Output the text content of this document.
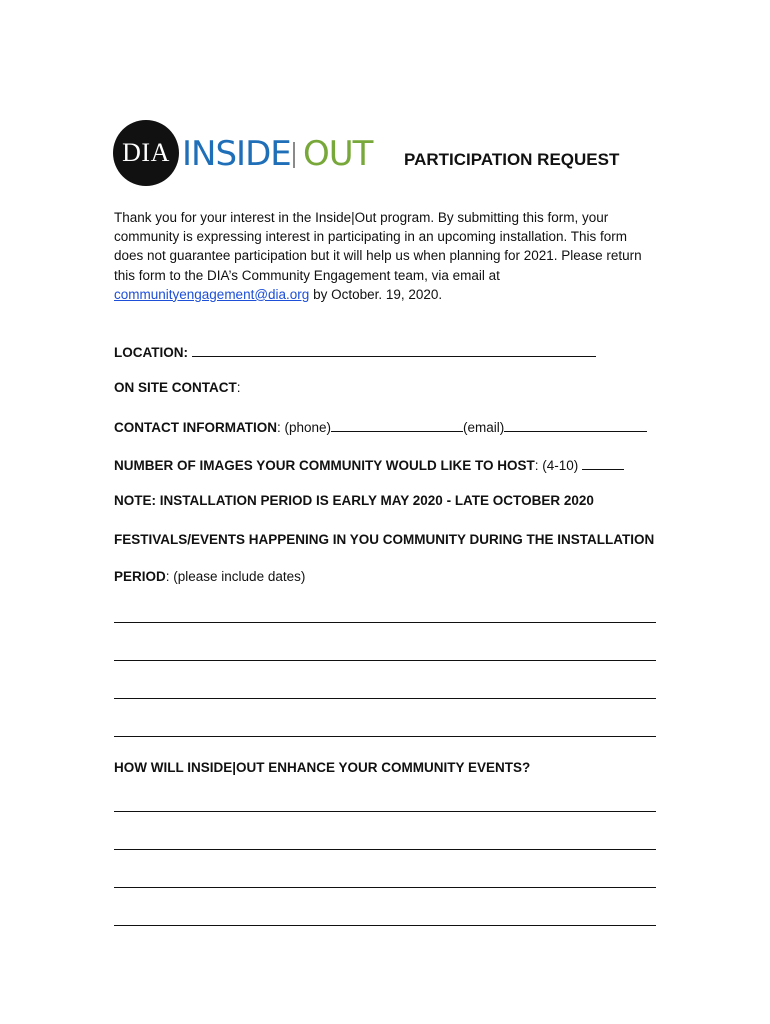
DIA INSIDE OUT PARTICIPATION REQUEST
Thank you for your interest in the Inside|Out program. By submitting this form, your community is expressing interest in participating in an upcoming installation. This form does not guarantee participation but it will help us when planning for 2021. Please return this form to the DIA’s Community Engagement team, via email at communityengagement@dia.org by October. 19, 2020.
LOCATION:
ON SITE CONTACT:
CONTACT INFORMATION: (phone)	(email)
NUMBER OF IMAGES YOUR COMMUNITY WOULD LIKE TO HOST: (4-10)
NOTE: INSTALLATION PERIOD IS EARLY MAY 2020 - LATE OCTOBER 2020
FESTIVALS/EVENTS HAPPENING IN YOU COMMUNITY DURING THE INSTALLATION
PERIOD: (please include dates)
HOW WILL INSIDE|OUT ENHANCE YOUR COMMUNITY EVENTS?
